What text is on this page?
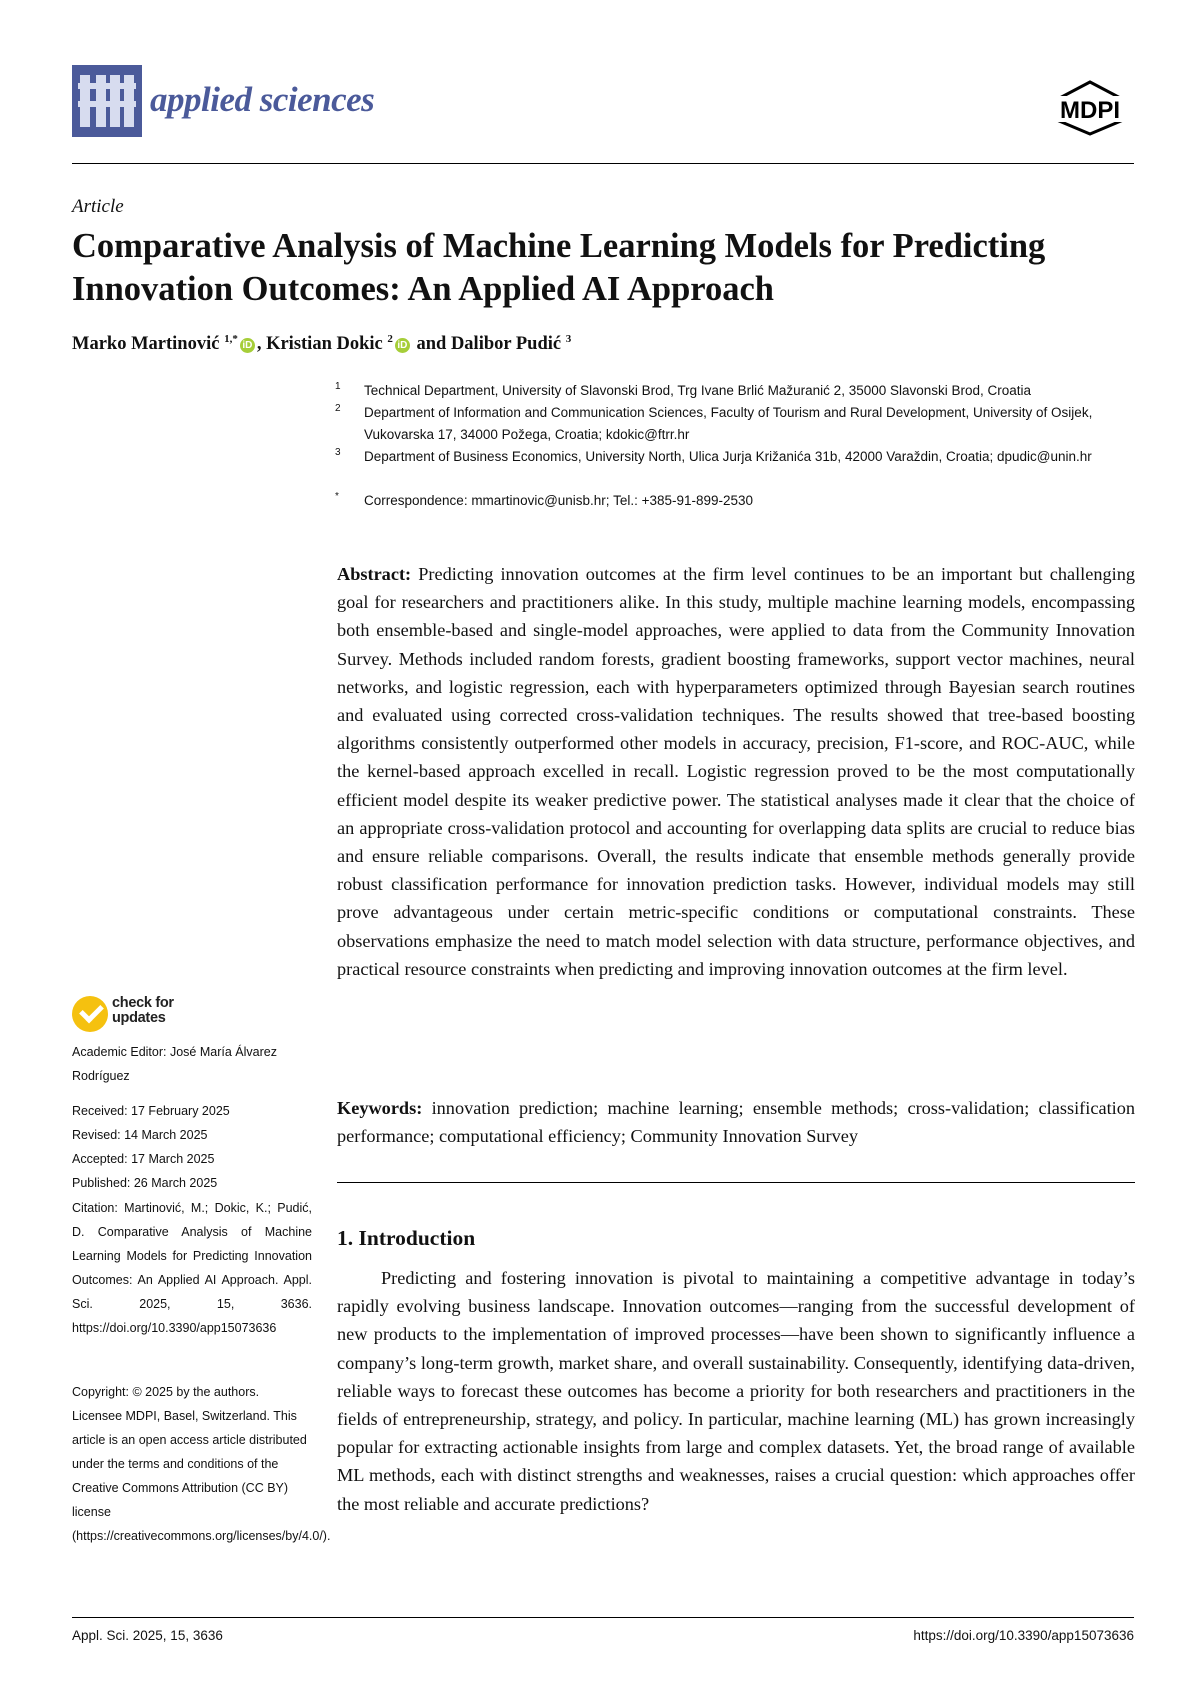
applied sciences	MDPI
Article
Comparative Analysis of Machine Learning Models for Predicting Innovation Outcomes: An Applied AI Approach
Marko Martinović $^{1,*}$iD , Kristian Dokic $^2$iD and Dalibor Pudić $^3$
1	Technical Department, University of Slavonski Brod, Trg Ivane Brlić Mažuranić 2, 35000 Slavonski Brod, Croatia
2	Department of Information and Communication Sciences, Faculty of Tourism and Rural Development, University of Osijek, Vukovarska 17, 34000 Požega, Croatia; kdokic@ftrr.hr
3	Department of Business Economics, University North, Ulica Jurja Križanića 31b, 42000 Varaždin, Croatia; dpudic@unin.hr
*	Correspondence: mmartinovic@unisb.hr; Tel.: +385-91-899-2530
Abstract: Predicting innovation outcomes at the firm level continues to be an important but challenging goal for researchers and practitioners alike. In this study, multiple machine learning models, encompassing both ensemble-based and single-model approaches, were applied to data from the Community Innovation Survey. Methods included random forests, gradient boosting frameworks, support vector machines, neural networks, and logistic regression, each with hyperparameters optimized through Bayesian search routines and evaluated using corrected cross-validation techniques. The results showed that tree-based boosting algorithms consistently outperformed other models in accuracy, precision, F1-score, and ROC-AUC, while the kernel-based approach excelled in recall. Logistic regression proved to be the most computationally efficient model despite its weaker predictive power. The statistical analyses made it clear that the choice of an appropriate cross-validation protocol and accounting for overlapping data splits are crucial to reduce bias and ensure reliable comparisons. Overall, the results indicate that ensemble methods generally provide robust classification performance for innovation prediction tasks. However, individual models may still prove advantageous under certain metric-specific conditions or computational constraints. These observations emphasize the need to match model selection with data structure, performance objectives, and practical resource constraints when predicting and improving innovation outcomes at the firm level.
Keywords: innovation prediction; machine learning; ensemble methods; cross-validation; classification performance; computational efficiency; Community Innovation Survey
1. Introduction
Predicting and fostering innovation is pivotal to maintaining a competitive advantage in today’s rapidly evolving business landscape. Innovation outcomes—ranging from the successful development of new products to the implementation of improved processes—have been shown to significantly influence a company’s long-term growth, market share, and overall sustainability. Consequently, identifying data-driven, reliable ways to forecast these outcomes has become a priority for both researchers and practitioners in the fields of entrepreneurship, strategy, and policy. In particular, machine learning (ML) has grown increasingly popular for extracting actionable insights from large and complex datasets. Yet, the broad range of available ML methods, each with distinct strengths and weaknesses, raises a crucial question: which approaches offer the most reliable and accurate predictions?
check for updates
Academic Editor: José María Álvarez Rodríguez
Received: 17 February 2025
Revised: 14 March 2025
Accepted: 17 March 2025
Published: 26 March 2025
Citation: Martinović, M.; Dokic, K.; Pudić, D. Comparative Analysis of Machine Learning Models for Predicting Innovation Outcomes: An Applied AI Approach. Appl. Sci. 2025, 15, 3636. https://doi.org/10.3390/app15073636
Copyright: © 2025 by the authors. Licensee MDPI, Basel, Switzerland. This article is an open access article distributed under the terms and conditions of the Creative Commons Attribution (CC BY) license (https://creativecommons.org/licenses/by/4.0/).
Appl. Sci. 2025, 15, 3636	https://doi.org/10.3390/app15073636
